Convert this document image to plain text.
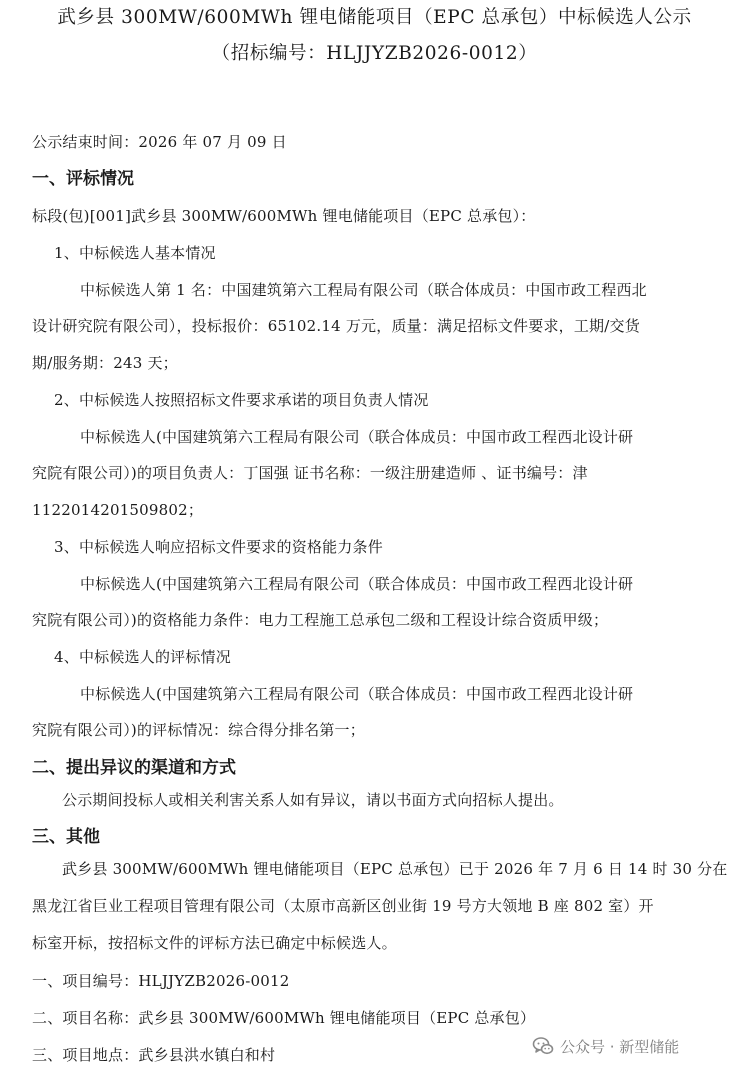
武乡县 300MW/600MWh 锂电储能项目（EPC 总承包）中标候选人公示
（招标编号：HLJJYZB2026-0012）
公示结束时间：2026 年 07 月 09 日
一、评标情况
标段(包)[001]武乡县 300MW/600MWh 锂电储能项目（EPC 总承包）：
1、中标候选人基本情况
中标候选人第 1 名：中国建筑第六工程局有限公司（联合体成员：中国市政工程西北
设计研究院有限公司），投标报价：65102.14 万元，质量：满足招标文件要求，工期/交货
期/服务期：243 天；
2、中标候选人按照招标文件要求承诺的项目负责人情况
中标候选人(中国建筑第六工程局有限公司（联合体成员：中国市政工程西北设计研
究院有限公司）)的项目负责人：丁国强 证书名称：一级注册建造师 、证书编号：津
1122014201509802；
3、中标候选人响应招标文件要求的资格能力条件
中标候选人(中国建筑第六工程局有限公司（联合体成员：中国市政工程西北设计研
究院有限公司）)的资格能力条件：电力工程施工总承包二级和工程设计综合资质甲级；
4、中标候选人的评标情况
中标候选人(中国建筑第六工程局有限公司（联合体成员：中国市政工程西北设计研
究院有限公司）)的评标情况：综合得分排名第一；
二、提出异议的渠道和方式
公示期间投标人或相关利害关系人如有异议，请以书面方式向招标人提出。
三、其他
武乡县 300MW/600MWh 锂电储能项目（EPC 总承包）已于 2026 年 7 月 6 日 14 时 30 分在
黑龙江省巨业工程项目管理有限公司（太原市高新区创业街 19 号方大领地 B 座 802 室）开
标室开标，按招标文件的评标方法已确定中标候选人。
一、项目编号：HLJJYZB2026-0012
二、项目名称：武乡县 300MW/600MWh 锂电储能项目（EPC 总承包）
三、项目地点：武乡县洪水镇白和村	公众号 · 新型储能
